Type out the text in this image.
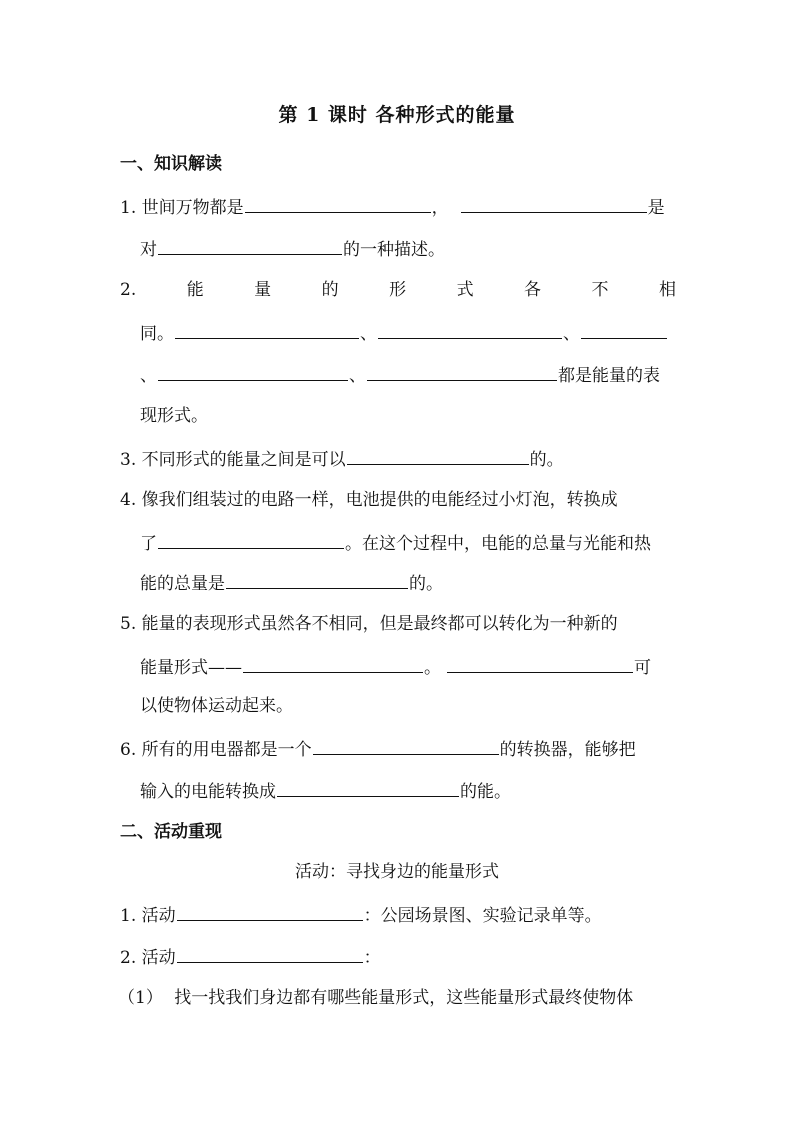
第 1 课时 各种形式的能量
一、知识解读
1. 世间万物都是	，	是
对	的一种描述。
2.	能	量	的	形	式	各	不	相
同。	、	、
、	、	都是能量的表
现形式。
3. 不同形式的能量之间是可以	的。
4. 像我们组装过的电路一样，电池提供的电能经过小灯泡，转换成
了	。在这个过程中，电能的总量与光能和热
能的总量是	的。
5. 能量的表现形式虽然各不相同，但是最终都可以转化为一种新的
能量形式——	。	可
以使物体运动起来。
6. 所有的用电器都是一个	的转换器，能够把
输入的电能转换成	的能。
二、活动重现
活动：寻找身边的能量形式
1. 活动	：公园场景图、实验记录单等。
2. 活动	：
（1） 找一找我们身边都有哪些能量形式，这些能量形式最终使物体
